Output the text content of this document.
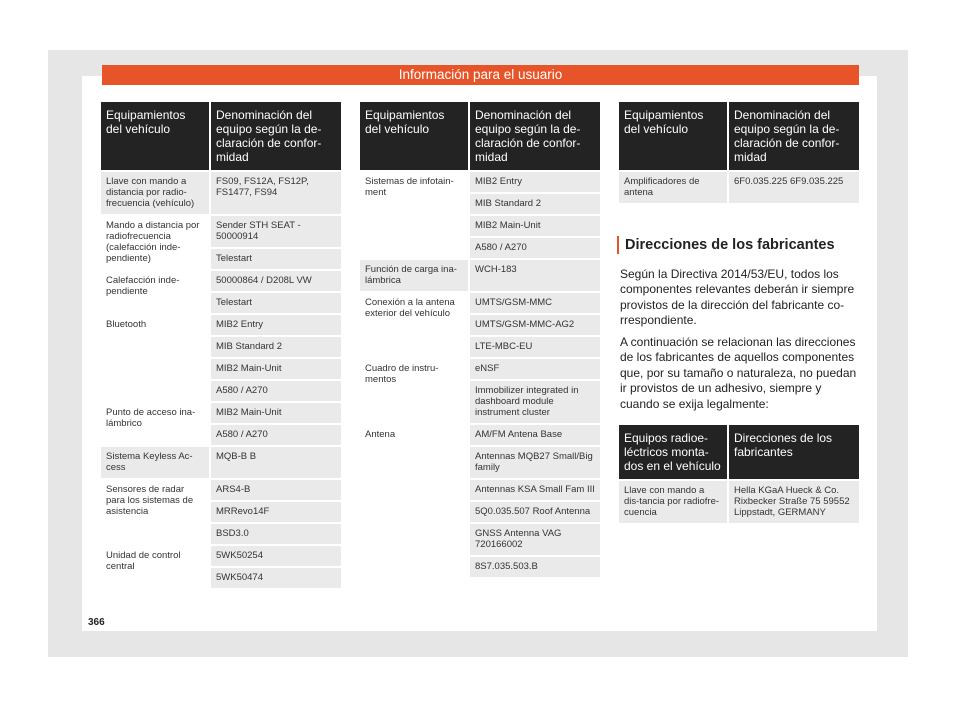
Información para el usuario
Equipamientos del vehículo	Denominación del equipo según la de-claración de confor-midad
Llave con mando a distancia por radio-frecuencia (vehículo)	FS09, FS12A, FS12P, FS1477, FS94
Mando a distancia por radiofrecuencia (calefacción inde-pendiente)	Sender STH SEAT - 50000914
	Telestart
Calefacción inde-pendiente	50000864 / D208L VW
	Telestart
Bluetooth	MIB2 Entry
	MIB Standard 2
	MIB2 Main-Unit
	A580 / A270
Punto de acceso ina-lámbrico	MIB2 Main-Unit
	A580 / A270
Sistema Keyless Ac-cess	MQB-B B
Sensores de radar para los sistemas de asistencia	ARS4-B
	MRRevo14F
	BSD3.0
Unidad de control central	5WK50254
	5WK50474
Equipamientos del vehículo	Denominación del equipo según la de-claración de confor-midad
Sistemas de infotain-ment	MIB2 Entry
	MIB Standard 2
	MIB2 Main-Unit
	A580 / A270
Función de carga ina-lámbrica	WCH-183
Conexión a la antena exterior del vehículo	UMTS/GSM-MMC
	UMTS/GSM-MMC-AG2
	LTE-MBC-EU
Cuadro de instru-mentos	eNSF
	Immobilizer integrated in dashboard module instrument cluster
Antena	AM/FM Antena Base
	Antennas MQB27 Small/Big family
	Antennas KSA Small Fam III
	5Q0.035.507 Roof Antenna
	GNSS Antenna VAG 720166002
	8S7.035.503.B
Equipamientos del vehículo	Denominación del equipo según la de-claración de confor-midad
Amplificadores de antena	6F0.035.225 6F9.035.225
Direcciones de los fabricantes

Según la Directiva 2014/53/EU, todos los componentes relevantes deberán ir siempre provistos de la dirección del fabricante co-rrespondiente.

A continuación se relacionan las direcciones de los fabricantes de aquellos componentes que, por su tamaño o naturaleza, no puedan ir provistos de un adhesivo, siempre y cuando se exija legalmente:

Equipos radioe-léctricos monta-dos en el vehículo	Direcciones de los fabricantes
Llave con mando a dis-tancia por radiofre-cuencia	Hella KGaA Hueck & Co. Rixbecker Straße 75 59552 Lippstadt, GERMANY
366
